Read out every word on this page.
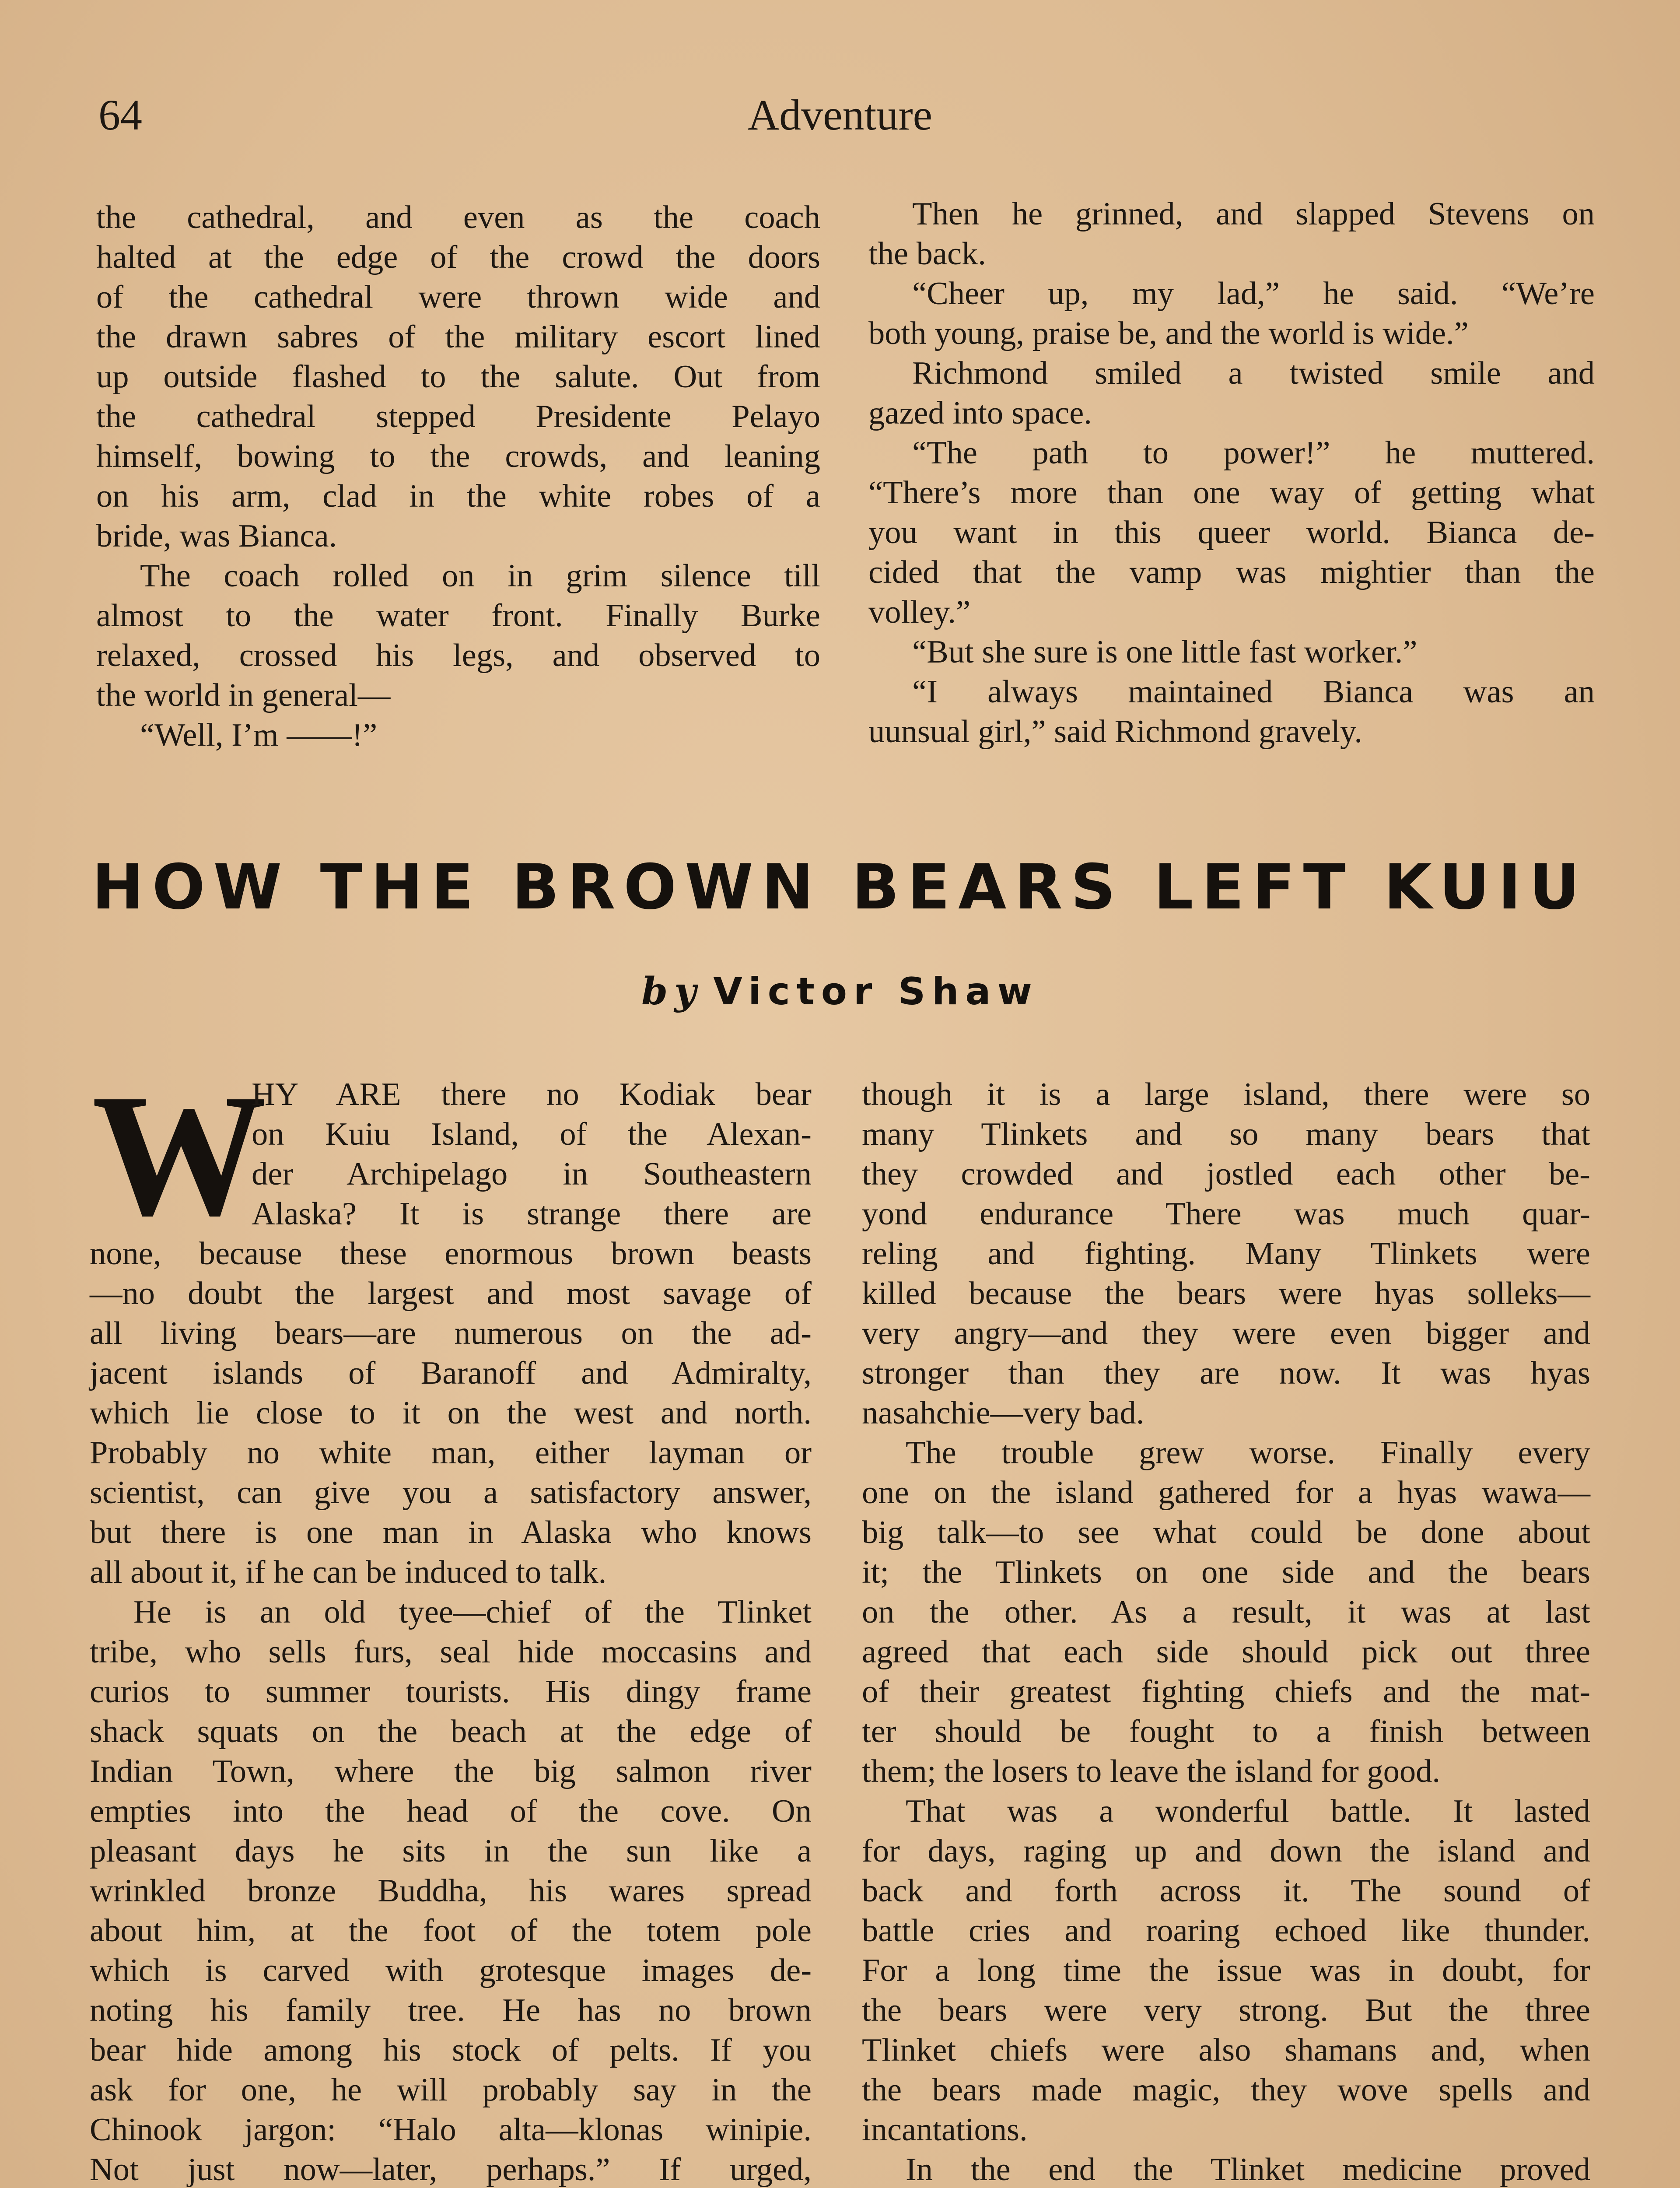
64	Adventure

the cathedral, and even as the coach
halted at the edge of the crowd the doors
of the cathedral were thrown wide and
the drawn sabres of the military escort lined
up outside flashed to the salute. Out from
the cathedral stepped Presidente Pelayo
himself, bowing to the crowds, and leaning
on his arm, clad in the white robes of a
bride, was Bianca.

The coach rolled on in grim silence till
almost to the water front. Finally Burke
relaxed, crossed his legs, and observed to
the world in general—

“Well, I’m ——!”

Then he grinned, and slapped Stevens on
the back.

“Cheer up, my lad,” he said. “We’re
both young, praise be, and the world is wide.”

Richmond smiled a twisted smile and
gazed into space.

“The path to power!” he muttered.
“There’s more than one way of getting what
you want in this queer world. Bianca de-
cided that the vamp was mightier than the
volley.”

“But she sure is one little fast worker.”

“I always maintained Bianca was an
uunsual girl,” said Richmond gravely.

HOW THE BROWN BEARS LEFT KUIU
by Victor Shaw
W

HY ARE there no Kodiak bear
on Kuiu Island, of the Alexan-
der Archipelago in Southeastern
Alaska? It is strange there are
none, because these enormous brown beasts
—no doubt the largest and most savage of
all living bears—are numerous on the ad-
jacent islands of Baranoff and Admiralty,
which lie close to it on the west and north.
Probably no white man, either layman or
scientist, can give you a satisfactory answer,
but there is one man in Alaska who knows
all about it, if he can be induced to talk.

He is an old tyee—chief of the Tlinket
tribe, who sells furs, seal hide moccasins and
curios to summer tourists. His dingy frame
shack squats on the beach at the edge of
Indian Town, where the big salmon river
empties into the head of the cove. On
pleasant days he sits in the sun like a
wrinkled bronze Buddha, his wares spread
about him, at the foot of the totem pole
which is carved with grotesque images de-
noting his family tree. He has no brown
bear hide among his stock of pelts. If you
ask for one, he will probably say in the
Chinook jargon: “Halo alta—klonas winipie.
Not just now—later, perhaps.” If urged,

though it is a large island, there were so
many Tlinkets and so many bears that
they crowded and jostled each other be-
yond endurance There was much quar-
reling and fighting. Many Tlinkets were
killed because the bears were hyas solleks—
very angry—and they were even bigger and
stronger than they are now. It was hyas
nasahchie—very bad.

The trouble grew worse. Finally every
one on the island gathered for a hyas wawa—
big talk—to see what could be done about
it; the Tlinkets on one side and the bears
on the other. As a result, it was at last
agreed that each side should pick out three
of their greatest fighting chiefs and the mat-
ter should be fought to a finish between
them; the losers to leave the island for good.

That was a wonderful battle. It lasted
for days, raging up and down the island and
back and forth across it. The sound of
battle cries and roaring echoed like thunder.
For a long time the issue was in doubt, for
the bears were very strong. But the three
Tlinket chiefs were also shamans and, when
the bears made magic, they wove spells and
incantations.

In the end the Tlinket medicine proved
